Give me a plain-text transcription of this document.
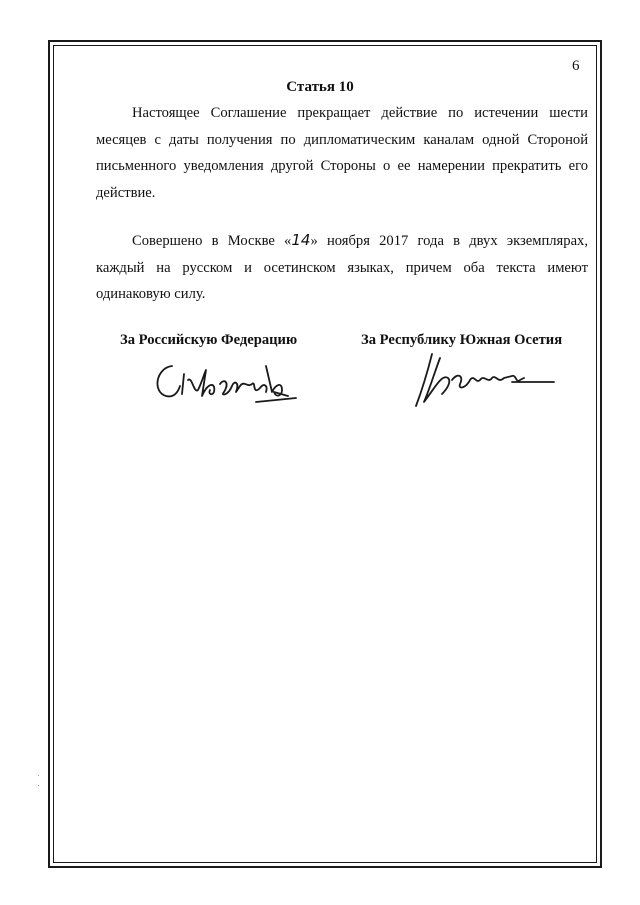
6
Статья 10

Настоящее Соглашение прекращает действие по истечении шести месяцев с даты получения по дипломатическим каналам одной Стороной письменного уведомления другой Стороны о ее намерении прекратить его действие.

Совершено в Москве «14» ноября 2017 года в двух экземплярах, каждый на русском и осетинском языках, причем оба текста имеют одинаковую силу.

За Российскую Федерацию	За Республику Южная Осетия
